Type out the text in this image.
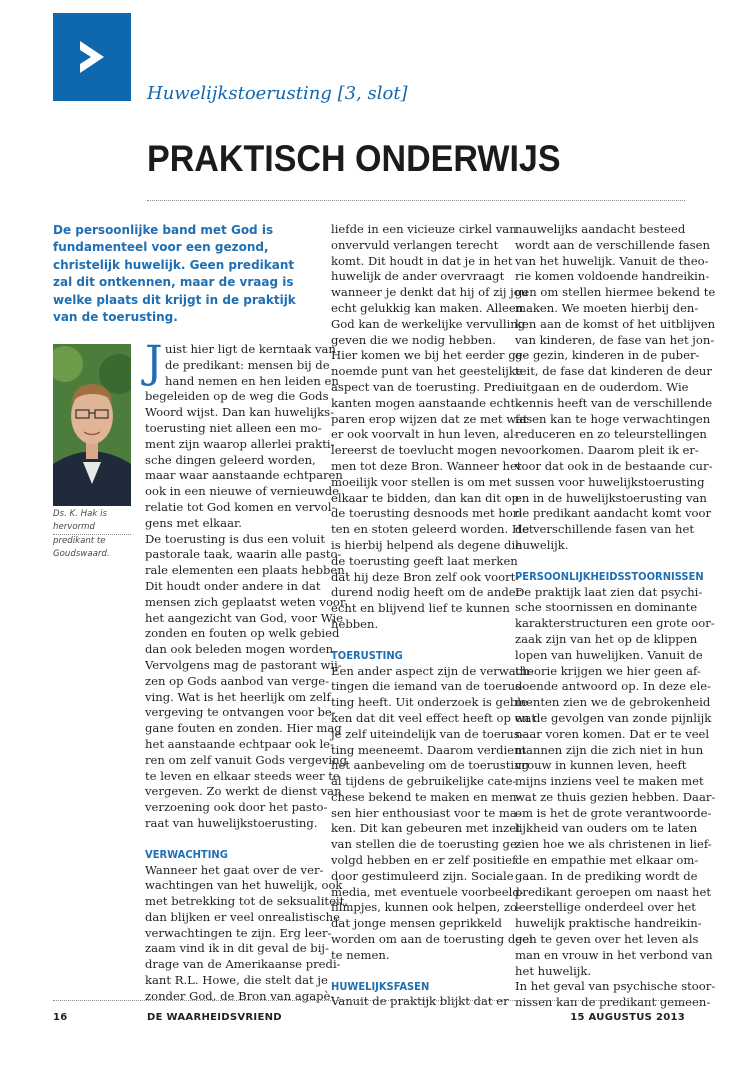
Huwelijkstoerusting [3, slot]
PRAKTISCH ONDERWIJS
De persoonlijke band met God is fundamenteel voor een gezond, christelijk huwelijk. Geen predikant zal dit ontkennen, maar de vraag is welke plaats dit krijgt in de praktijk van de toerusting.
Ds. K. Hak is hervormd predikant te Goudswaard.
J uist hier ligt de kerntaak van

de predikant: mensen bij de

hand nemen en hen leiden en

begeleiden op de weg die Gods

Woord wijst. Dan kan huwelijks-

toerusting niet alleen een mo-

ment zijn waarop allerlei prakti-

sche dingen geleerd worden,

maar waar aanstaande echtparen

ook in een nieuwe of vernieuwde

relatie tot God komen en vervol-

gens met elkaar.

De toerusting is dus een voluit

pastorale taak, waarin alle pasto-

rale elementen een plaats hebben.

Dit houdt onder andere in dat

mensen zich geplaatst weten voor

het aangezicht van God, voor Wie

zonden en fouten op welk gebied

dan ook beleden mogen worden.

Vervolgens mag de pastorant wij-

zen op Gods aanbod van verge-

ving. Wat is het heerlijk om zelf

vergeving te ontvangen voor be-

gane fouten en zonden. Hier mag

het aanstaande echtpaar ook le-

ren om zelf vanuit Gods vergeving

te leven en elkaar steeds weer te

vergeven. Zo werkt de dienst van

verzoening ook door het pasto-

raat van huwelijkstoerusting.

VERWACHTING

Wanneer het gaat over de ver-

wachtingen van het huwelijk, ook

met betrekking tot de seksualiteit,

dan blijken er veel onrealistische

verwachtingen te zijn. Erg leer-

zaam vind ik in dit geval de bij-

drage van de Amerikaanse predi-

kant R.L. Howe, die stelt dat je

zonder God, de Bron van agapè-

liefde in een vicieuze cirkel van

onvervuld verlangen terecht

komt. Dit houdt in dat je in het

huwelijk de ander overvraagt

wanneer je denkt dat hij of zij jou

echt gelukkig kan maken. Alleen

God kan de werkelijke vervulling

geven die we nodig hebben.

Hier komen we bij het eerder ge-

noemde punt van het geestelijke

aspect van de toerusting. Predi-

kanten mogen aanstaande echt-

paren erop wijzen dat ze met wat

er ook voorvalt in hun leven, al-

lereerst de toevlucht mogen ne-

men tot deze Bron. Wanneer het

moeilijk voor stellen is om met

elkaar te bidden, dan kan dit op

de toerusting desnoods met hor-

ten en stoten geleerd worden. Het

is hierbij helpend als degene die

de toerusting geeft laat merken

dat hij deze Bron zelf ook voort-

durend nodig heeft om de ander

echt en blijvend lief te kunnen

hebben.

TOERUSTING

Een ander aspect zijn de verwach-

tingen die iemand van de toerus-

ting heeft. Uit onderzoek is geble-

ken dat dit veel effect heeft op wat

je zelf uiteindelijk van de toerus-

ting meeneemt. Daarom verdient

het aanbeveling om de toerusting

al tijdens de gebruikelijke cate-

chese bekend te maken en men-

sen hier enthousiast voor te ma-

ken. Dit kan gebeuren met inzet

van stellen die de toerusting ge-

volgd hebben en er zelf positief

door gestimuleerd zijn. Sociale

media, met eventuele voorbeeld-

filmpjes, kunnen ook helpen, zo-

dat jonge mensen geprikkeld

worden om aan de toerusting deel

te nemen.

HUWELIJKSFASEN

Vanuit de praktijk blijkt dat er

nauwelijks aandacht besteed

wordt aan de verschillende fasen

van het huwelijk. Vanuit de theo-

rie komen voldoende handreikin-

gen om stellen hiermee bekend te

maken. We moeten hierbij den-

ken aan de komst of het uitblijven

van kinderen, de fase van het jon-

ge gezin, kinderen in de puber-

teit, de fase dat kinderen de deur

uitgaan en de ouderdom. Wie

kennis heeft van de verschillende

fasen kan te hoge verwachtingen

reduceren en zo teleurstellingen

voorkomen. Daarom pleit ik er-

voor dat ook in de bestaande cur-

sussen voor huwelijkstoerusting

en in de huwelijkstoerusting van

de predikant aandacht komt voor

de verschillende fasen van het

huwelijk.

PERSOONLIJKHEIDSSTOORNISSEN

De praktijk laat zien dat psychi-

sche stoornissen en dominante

karakterstructuren een grote oor-

zaak zijn van het op de klippen

lopen van huwelijken. Vanuit de

theorie krijgen we hier geen af-

doende antwoord op. In deze ele-

menten zien we de gebrokenheid

en de gevolgen van zonde pijnlijk

naar voren komen. Dat er te veel

mannen zijn die zich niet in hun

vrouw in kunnen leven, heeft

mijns inziens veel te maken met

wat ze thuis gezien hebben. Daar-

om is het de grote verantwoorde-

lijkheid van ouders om te laten

zien hoe we als christenen in lief-

de en empathie met elkaar om-

gaan. In de prediking wordt de

predikant geroepen om naast het

leerstellige onderdeel over het

huwelijk praktische handreikin-

gen te geven over het leven als

man en vrouw in het verbond van

het huwelijk.

In het geval van psychische stoor-

nissen kan de predikant gemeen-

16	DE WAARHEIDSVRIEND	15 AUGUSTUS 2013
